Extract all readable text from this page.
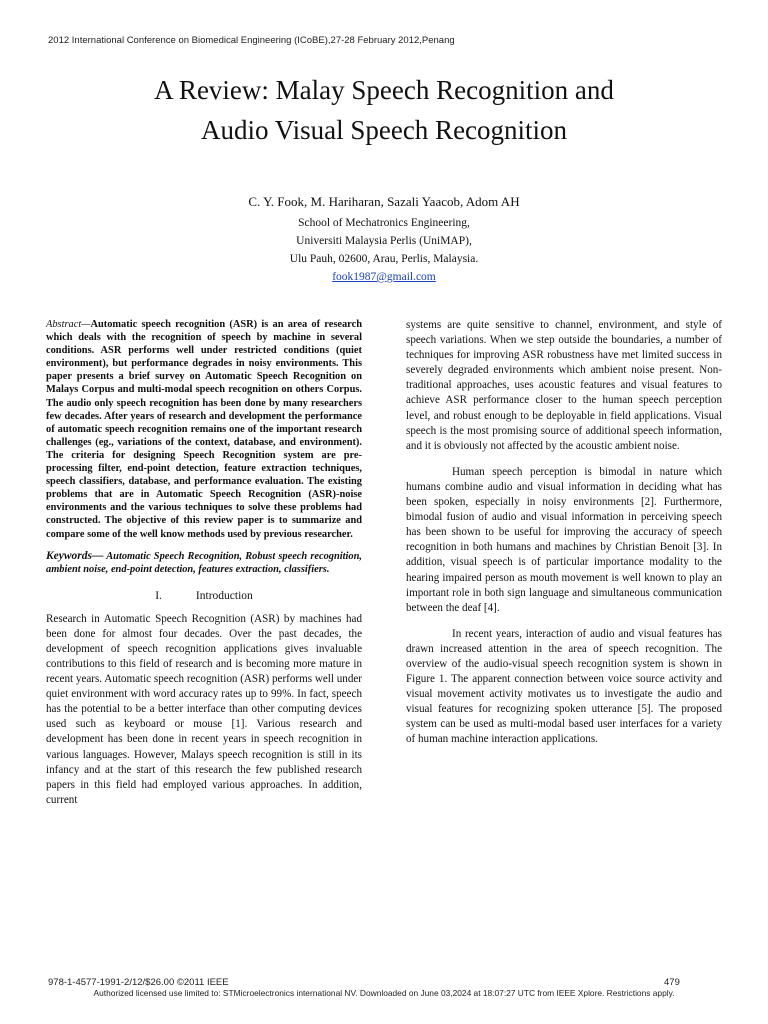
2012 International Conference on Biomedical Engineering (ICoBE),27-28 February 2012,Penang
A Review: Malay Speech Recognition and
Audio Visual Speech Recognition
C. Y. Fook, M. Hariharan, Sazali Yaacob, Adom AH
School of Mechatronics Engineering,
Universiti Malaysia Perlis (UniMAP),
Ulu Pauh, 02600, Arau, Perlis, Malaysia.
fook1987@gmail.com

Abstract—Automatic speech recognition (ASR) is an area of research which deals with the recognition of speech by machine in several conditions. ASR performs well under restricted conditions (quiet environment), but performance degrades in noisy environments. This paper presents a brief survey on Automatic Speech Recognition on Malays Corpus and multi-modal speech recognition on others Corpus. The audio only speech recognition has been done by many researchers few decades. After years of research and development the performance of automatic speech recognition remains one of the important research challenges (eg., variations of the context, database, and environment). The criteria for designing Speech Recognition system are pre-processing filter, end-point detection, feature extraction techniques, speech classifiers, database, and performance evaluation. The existing problems that are in Automatic Speech Recognition (ASR)-noise environments and the various techniques to solve these problems had constructed. The objective of this review paper is to summarize and compare some of the well know methods used by previous researcher.

Keywords— Automatic Speech Recognition, Robust speech recognition, ambient noise, end-point detection, features extraction, classifiers.

I.	Introduction

Research in Automatic Speech Recognition (ASR) by machines had been done for almost four decades. Over the past decades, the development of speech recognition applications gives invaluable contributions to this field of research and is becoming more mature in recent years. Automatic speech recognition (ASR) performs well under quiet environment with word accuracy rates up to 99%. In fact, speech has the potential to be a better interface than other computing devices used such as keyboard or mouse [1]. Various research and development has been done in recent years in speech recognition in various languages. However, Malays speech recognition is still in its infancy and at the start of this research the few published research papers in this field had employed various approaches. In addition, current

systems are quite sensitive to channel, environment, and style of speech variations. When we step outside the boundaries, a number of techniques for improving ASR robustness have met limited success in severely degraded environments which ambient noise present. Non-traditional approaches, uses acoustic features and visual features to achieve ASR performance closer to the human speech perception level, and robust enough to be deployable in field applications. Visual speech is the most promising source of additional speech information, and it is obviously not affected by the acoustic ambient noise.

Human speech perception is bimodal in nature which humans combine audio and visual information in deciding what has been spoken, especially in noisy environments [2]. Furthermore, bimodal fusion of audio and visual information in perceiving speech has been shown to be useful for improving the accuracy of speech recognition in both humans and machines by Christian Benoit [3]. In addition, visual speech is of particular importance modality to the hearing impaired person as mouth movement is well known to play an important role in both sign language and simultaneous communication between the deaf [4].

In recent years, interaction of audio and visual features has drawn increased attention in the area of speech recognition. The overview of the audio-visual speech recognition system is shown in Figure 1. The apparent connection between voice source activity and visual movement activity motivates us to investigate the audio and visual features for recognizing spoken utterance [5]. The proposed system can be used as multi-modal based user interfaces for a variety of human machine interaction applications.

978-1-4577-1991-2/12/$26.00 ©2011 IEEE	479
Authorized licensed use limited to: STMicroelectronics international NV. Downloaded on June 03,2024 at 18:07:27 UTC from IEEE Xplore. Restrictions apply.
